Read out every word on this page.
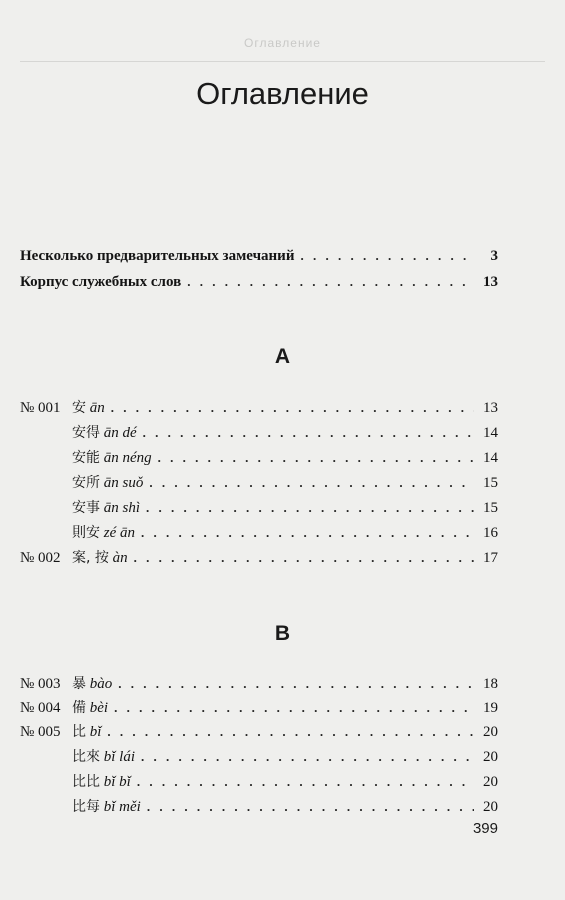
Оглавление
Оглавление
Несколько предварительных замечаний . . .	3
Корпус служебных слов . . .	13
A
№ 001 安 ān . . .	13
安得 ān dé . . .	14
安能 ān néng . . .	14
安所 ān suǒ . . .	15
安事 ān shì . . .	15
則安 zé ān . . .	16
№ 002 案, 按 àn . . .	17
B
№ 003 暴 bào . . .	18
№ 004 備 bèi . . .	19
№ 005 比 bǐ . . .	20
比來 bǐ lái . . .	20
比比 bǐ bǐ . . .	20
比每 bǐ měi . . .	20
399
